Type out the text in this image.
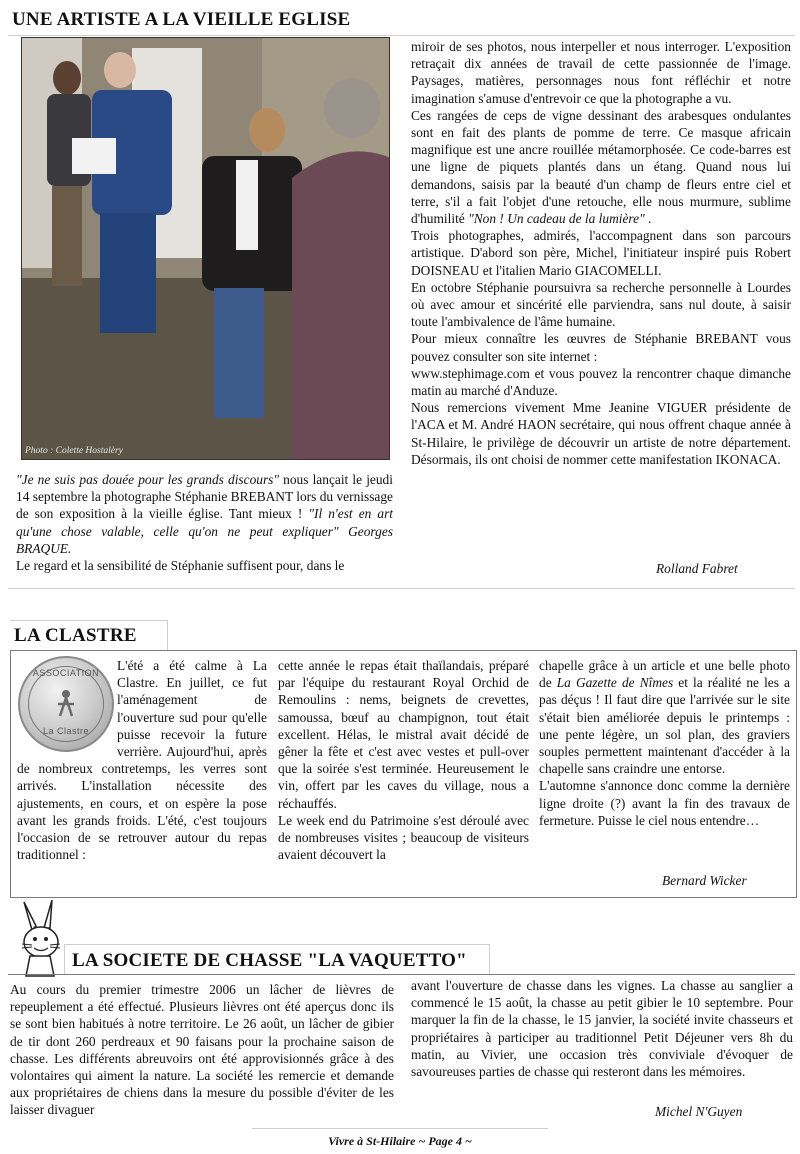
UNE ARTISTE A LA VIEILLE EGLISE
Photo : Colette Hostalèry

"Je ne suis pas douée pour les grands discours" nous lançait le jeudi 14 septembre la photographe Stéphanie BREBANT lors du vernissage de son exposition à la vieille église. Tant mieux ! "Il n'est en art qu'une chose valable, celle qu'on ne peut expliquer" Georges BRAQUE.

Le regard et la sensibilité de Stéphanie suffisent pour, dans le

miroir de ses photos, nous interpeller et nous interroger. L'exposition retraçait dix années de travail de cette passionnée de l'image. Paysages, matières, personnages nous font réfléchir et notre imagination s'amuse d'entrevoir ce que la photographe a vu.

Ces rangées de ceps de vigne dessinant des arabesques ondulantes sont en fait des plants de pomme de terre. Ce masque africain magnifique est une ancre rouillée métamorphosée. Ce code-barres est une ligne de piquets plantés dans un étang. Quand nous lui demandons, saisis par la beauté d'un champ de fleurs entre ciel et terre, s'il a fait l'objet d'une retouche, elle nous murmure, sublime d'humilité "Non ! Un cadeau de la lumière" .

Trois photographes, admirés, l'accompagnent dans son parcours artistique. D'abord son père, Michel, l'initiateur inspiré puis Robert DOISNEAU et l'italien Mario GIACOMELLI.

En octobre Stéphanie poursuivra sa recherche personnelle à Lourdes où avec amour et sincérité elle parviendra, sans nul doute, à saisir toute l'ambivalence de l'âme humaine.

Pour mieux connaître les œuvres de Stéphanie BREBANT vous pouvez consulter son site internet :

www.stephimage.com et vous pouvez la rencontrer chaque dimanche matin au marché d'Anduze.

Nous remercions vivement Mme Jeanine VIGUER présidente de l'ACA et M. André HAON secrétaire, qui nous offrent chaque année à St-Hilaire, le privilège de découvrir un artiste de notre département. Désormais, ils ont choisi de nommer cette manifestation IKONACA.

Rolland Fabret
LA CLASTRE
ASSOCIATION
La Clastre

L'été a été calme à La Clastre. En juillet, ce fut l'aménagement de l'ouverture sud pour qu'elle puisse recevoir la future verrière. Aujourd'hui, après de nombreux contretemps, les verres sont arrivés. L'installation nécessite des ajustements, en cours, et on espère la pose avant les grands froids. L'été, c'est toujours l'occasion de se retrouver autour du repas traditionnel :

cette année le repas était thaïlandais, préparé par l'équipe du restaurant Royal Orchid de Remoulins : nems, beignets de crevettes, samoussa, bœuf au champignon, tout était excellent. Hélas, le mistral avait décidé de gêner la fête et c'est avec vestes et pull-over que la soirée s'est terminée. Heureusement le vin, offert par les caves du village, nous a réchauffés.

Le week end du Patrimoine s'est déroulé avec de nombreuses visites ; beaucoup de visiteurs avaient découvert la

chapelle grâce à un article et une belle photo de La Gazette de Nîmes et la réalité ne les a pas déçus ! Il faut dire que l'arrivée sur le site s'était bien améliorée depuis le printemps : une pente légère, un sol plan, des graviers souples permettent maintenant d'accéder à la chapelle sans craindre une entorse.

L'automne s'annonce donc comme la dernière ligne droite (?) avant la fin des travaux de fermeture. Puisse le ciel nous entendre…

Bernard Wicker
LA SOCIETE DE CHASSE "LA VAQUETTO"

Au cours du premier trimestre 2006 un lâcher de lièvres de repeuplement a été effectué. Plusieurs lièvres ont été aperçus donc ils se sont bien habitués à notre territoire. Le 26 août, un lâcher de gibier de tir dont 260 perdreaux et 90 faisans pour la prochaine saison de chasse. Les différents abreuvoirs ont été approvisionnés grâce à des volontaires qui aiment la nature. La société les remercie et demande aux propriétaires de chiens dans la mesure du possible d'éviter de les laisser divaguer

avant l'ouverture de chasse dans les vignes. La chasse au sanglier a commencé le 15 août, la chasse au petit gibier le 10 septembre. Pour marquer la fin de la chasse, le 15 janvier, la société invite chasseurs et propriétaires à participer au traditionnel Petit Déjeuner vers 8h du matin, au Vivier, une occasion très conviviale d'évoquer de savoureuses parties de chasse qui resteront dans les mémoires.

Michel N'Guyen
Vivre à St-Hilaire ~ Page 4 ~
